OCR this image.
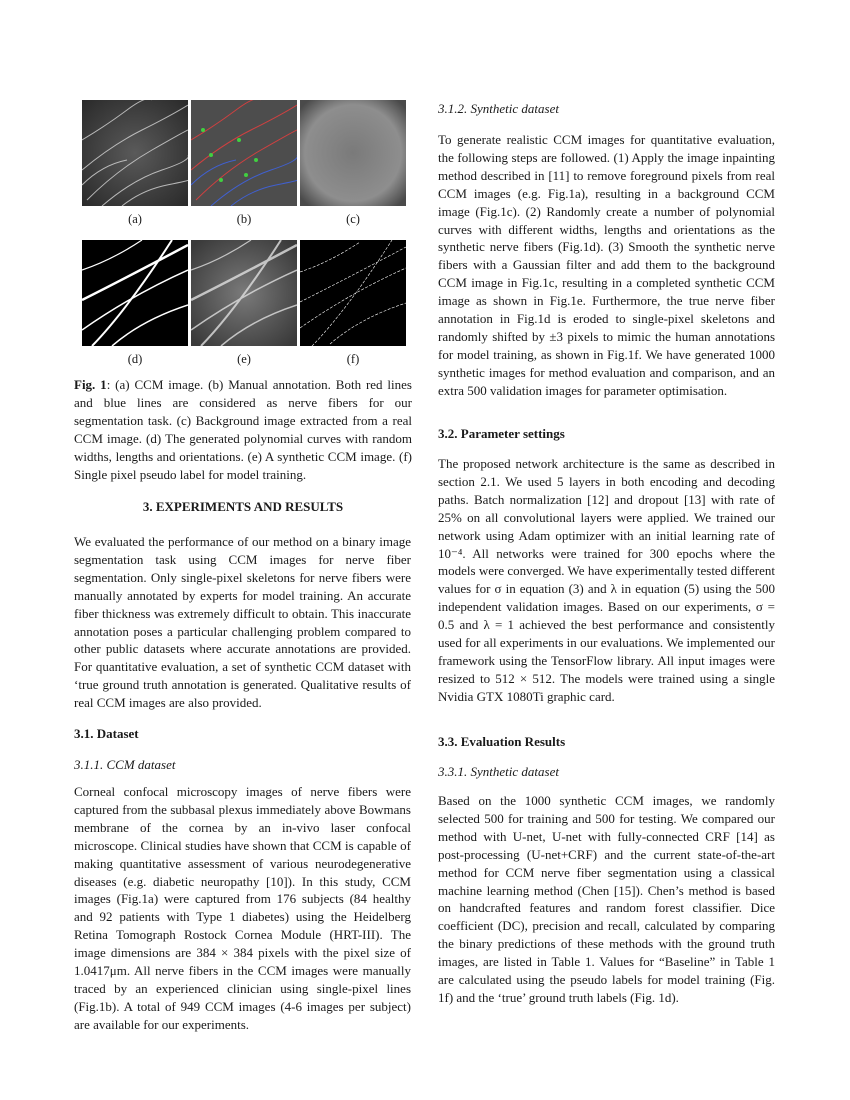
(a)	(b)	(c)
(d)	(e)	(f)
Fig. 1: (a) CCM image. (b) Manual annotation. Both red lines and blue lines are considered as nerve fibers for our segmentation task. (c) Background image extracted from a real CCM image. (d) The generated polynomial curves with random widths, lengths and orientations. (e) A synthetic CCM image. (f) Single pixel pseudo label for model training.
3. EXPERIMENTS AND RESULTS
We evaluated the performance of our method on a binary image segmentation task using CCM images for nerve fiber segmentation. Only single-pixel skeletons for nerve fibers were manually annotated by experts for model training. An accurate fiber thickness was extremely difficult to obtain. This inaccurate annotation poses a particular challenging problem compared to other public datasets where accurate annotations are provided. For quantitative evaluation, a set of synthetic CCM dataset with ‘true ground truth annotation is generated. Qualitative results of real CCM images are also provided.
3.1. Dataset
3.1.1. CCM dataset
Corneal confocal microscopy images of nerve fibers were captured from the subbasal plexus immediately above Bowmans membrane of the cornea by an in-vivo laser confocal microscope. Clinical studies have shown that CCM is capable of making quantitative assessment of various neurodegenerative diseases (e.g. diabetic neuropathy [10]). In this study, CCM images (Fig.1a) were captured from 176 subjects (84 healthy and 92 patients with Type 1 diabetes) using the Heidelberg Retina Tomograph Rostock Cornea Module (HRT-III). The image dimensions are 384 × 384 pixels with the pixel size of 1.0417μm. All nerve fibers in the CCM images were manually traced by an experienced clinician using single-pixel lines (Fig.1b). A total of 949 CCM images (4-6 images per subject) are available for our experiments.
3.1.2. Synthetic dataset
To generate realistic CCM images for quantitative evaluation, the following steps are followed. (1) Apply the image inpainting method described in [11] to remove foreground pixels from real CCM images (e.g. Fig.1a), resulting in a background CCM image (Fig.1c). (2) Randomly create a number of polynomial curves with different widths, lengths and orientations as the synthetic nerve fibers (Fig.1d). (3) Smooth the synthetic nerve fibers with a Gaussian filter and add them to the background CCM image in Fig.1c, resulting in a completed synthetic CCM image as shown in Fig.1e. Furthermore, the true nerve fiber annotation in Fig.1d is eroded to single-pixel skeletons and randomly shifted by ±3 pixels to mimic the human annotations for model training, as shown in Fig.1f. We have generated 1000 synthetic images for method evaluation and comparison, and an extra 500 validation images for parameter optimisation.
3.2. Parameter settings
The proposed network architecture is the same as described in section 2.1. We used 5 layers in both encoding and decoding paths. Batch normalization [12] and dropout [13] with rate of 25% on all convolutional layers were applied. We trained our network using Adam optimizer with an initial learning rate of 10⁻⁴. All networks were trained for 300 epochs where the models were converged. We have experimentally tested different values for σ in equation (3) and λ in equation (5) using the 500 independent validation images. Based on our experiments, σ = 0.5 and λ = 1 achieved the best performance and consistently used for all experiments in our evaluations. We implemented our framework using the TensorFlow library. All input images were resized to 512 × 512. The models were trained using a single Nvidia GTX 1080Ti graphic card.
3.3. Evaluation Results
3.3.1. Synthetic dataset
Based on the 1000 synthetic CCM images, we randomly selected 500 for training and 500 for testing. We compared our method with U-net, U-net with fully-connected CRF [14] as post-processing (U-net+CRF) and the current state-of-the-art method for CCM nerve fiber segmentation using a classical machine learning method (Chen [15]). Chen’s method is based on handcrafted features and random forest classifier. Dice coefficient (DC), precision and recall, calculated by comparing the binary predictions of these methods with the ground truth images, are listed in Table 1. Values for “Baseline” in Table 1 are calculated using the pseudo labels for model training (Fig. 1f) and the ‘true’ ground truth labels (Fig. 1d).
